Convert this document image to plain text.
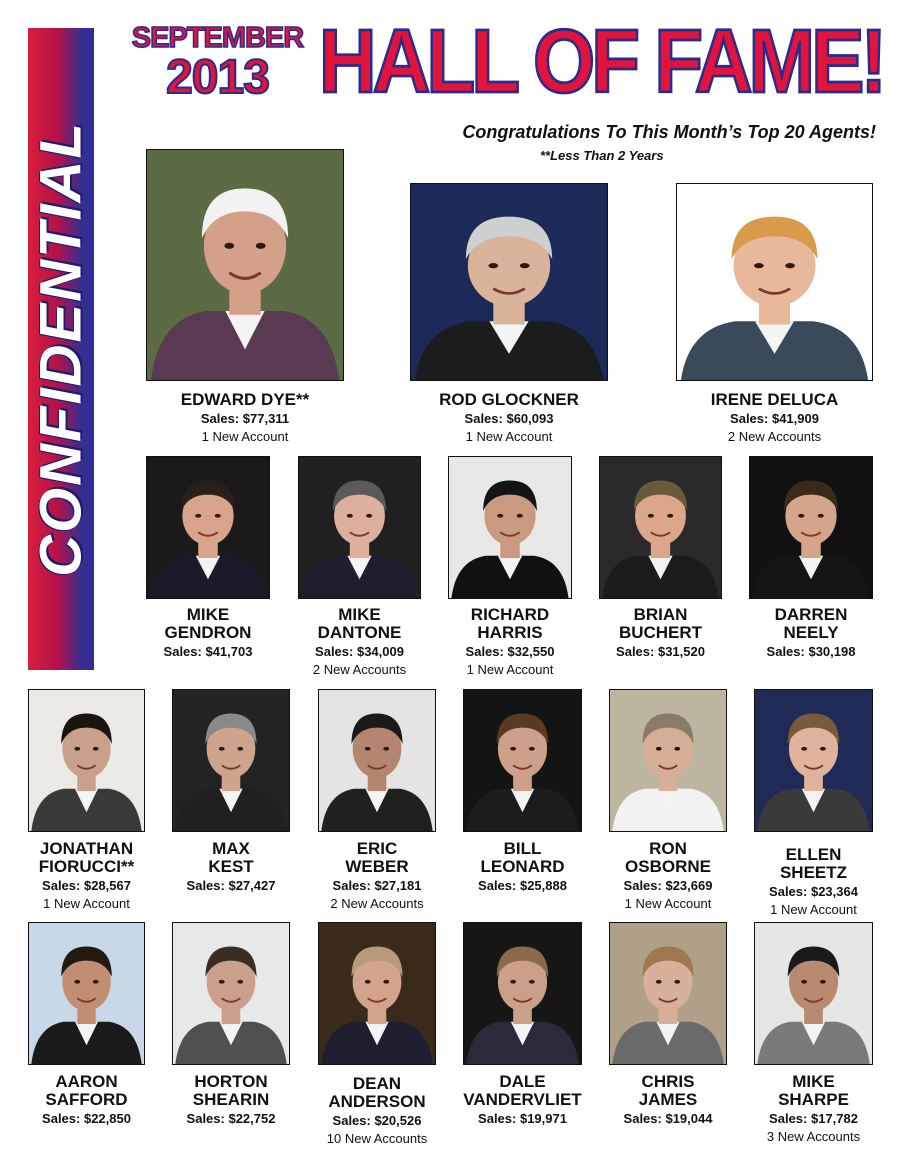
CONFIDENTIAL
SEPTEMBER
2013 HALL OF FAME!
Congratulations To This Month’s Top 20 Agents!
**Less Than 2 Years
EDWARD DYE**
Sales: $77,311
1 New Account
ROD GLOCKNER
Sales: $60,093
1 New Account
IRENE DELUCA
Sales: $41,909
2 New Accounts
MIKE
GENDRON
Sales: $41,703
MIKE
DANTONE
Sales: $34,009
2 New Accounts
RICHARD
HARRIS
Sales: $32,550
1 New Account
BRIAN
BUCHERT
Sales: $31,520
DARREN
NEELY
Sales: $30,198
JONATHAN
FIORUCCI**
Sales: $28,567
1 New Account
MAX
KEST
Sales: $27,427
ERIC
WEBER
Sales: $27,181
2 New Accounts
BILL
LEONARD
Sales: $25,888
RON
OSBORNE
Sales: $23,669
1 New Account
ELLEN
SHEETZ
Sales: $23,364
1 New Account
AARON
SAFFORD
Sales: $22,850
HORTON
SHEARIN
Sales: $22,752
DEAN
ANDERSON
Sales: $20,526
10 New Accounts
DALE
VANDERVLIET
Sales: $19,971
CHRIS
JAMES
Sales: $19,044
MIKE
SHARPE
Sales: $17,782
3 New Accounts
